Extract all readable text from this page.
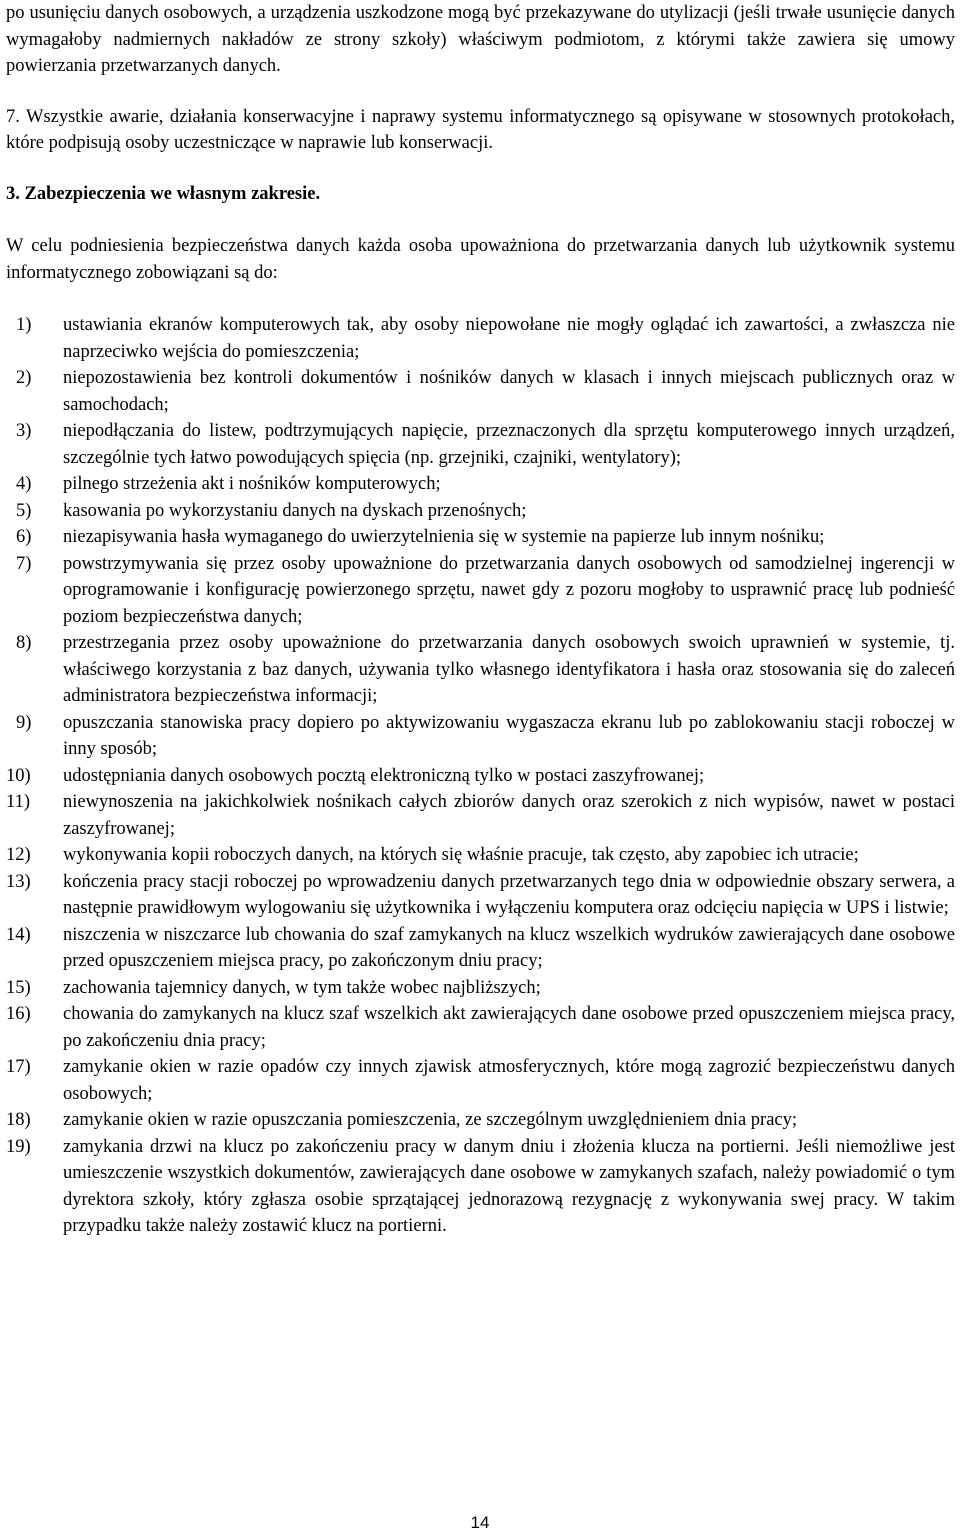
po usunięciu danych osobowych, a urządzenia uszkodzone mogą być przekazywane do utylizacji (jeśli trwałe usunięcie danych wymagałoby nadmiernych nakładów ze strony szkoły) właściwym podmiotom, z którymi także zawiera się umowy powierzania przetwarzanych danych.

7. Wszystkie awarie, działania konserwacyjne i naprawy systemu informatycznego są opisywane w stosownych protokołach, które podpisują osoby uczestniczące w naprawie lub konserwacji.

3. Zabezpieczenia we własnym zakresie.

W celu podniesienia bezpieczeństwa danych każda osoba upoważniona do przetwarzania danych lub użytkownik systemu informatycznego zobowiązani są do:

1) ustawiania ekranów komputerowych tak, aby osoby niepowołane nie mogły oglądać ich zawartości, a zwłaszcza nie naprzeciwko wejścia do pomieszczenia;
2) niepozostawienia bez kontroli dokumentów i nośników danych w klasach i innych miejscach publicznych oraz w samochodach;
3) niepodłączania do listew, podtrzymujących napięcie, przeznaczonych dla sprzętu komputerowego innych urządzeń, szczególnie tych łatwo powodujących spięcia (np. grzejniki, czajniki, wentylatory);
4) pilnego strzeżenia akt i nośników komputerowych;
5) kasowania po wykorzystaniu danych na dyskach przenośnych;
6) niezapisywania hasła wymaganego do uwierzytelnienia się w systemie na papierze lub innym nośniku;
7) powstrzymywania się przez osoby upoważnione do przetwarzania danych osobowych od samodzielnej ingerencji w oprogramowanie i konfigurację powierzonego sprzętu, nawet gdy z pozoru mogłoby to usprawnić pracę lub podnieść poziom bezpieczeństwa danych;
8) przestrzegania przez osoby upoważnione do przetwarzania danych osobowych swoich uprawnień w systemie, tj. właściwego korzystania z baz danych, używania tylko własnego identyfikatora i hasła oraz stosowania się do zaleceń administratora bezpieczeństwa informacji;
9) opuszczania stanowiska pracy dopiero po aktywizowaniu wygaszacza ekranu lub po zablokowaniu stacji roboczej w inny sposób;
10) udostępniania danych osobowych pocztą elektroniczną tylko w postaci zaszyfrowanej;
11) niewynoszenia na jakichkolwiek nośnikach całych zbiorów danych oraz szerokich z nich wypisów, nawet w postaci zaszyfrowanej;
12) wykonywania kopii roboczych danych, na których się właśnie pracuje, tak często, aby zapobiec ich utracie;
13) kończenia pracy stacji roboczej po wprowadzeniu danych przetwarzanych tego dnia w odpowiednie obszary serwera, a następnie prawidłowym wylogowaniu się użytkownika i wyłączeniu komputera oraz odcięciu napięcia w UPS i listwie;
14) niszczenia w niszczarce lub chowania do szaf zamykanych na klucz wszelkich wydruków zawierających dane osobowe przed opuszczeniem miejsca pracy, po zakończonym dniu pracy;
15) zachowania tajemnicy danych, w tym także wobec najbliższych;
16) chowania do zamykanych na klucz szaf wszelkich akt zawierających dane osobowe przed opuszczeniem miejsca pracy, po zakończeniu dnia pracy;
17) zamykanie okien w razie opadów czy innych zjawisk atmosferycznych, które mogą zagrozić bezpieczeństwu danych osobowych;
18) zamykanie okien w razie opuszczania pomieszczenia, ze szczególnym uwzględnieniem dnia pracy;
19) zamykania drzwi na klucz po zakończeniu pracy w danym dniu i złożenia klucza na portierni. Jeśli niemożliwe jest umieszczenie wszystkich dokumentów, zawierających dane osobowe w zamykanych szafach, należy powiadomić o tym dyrektora szkoły, który zgłasza osobie sprzątającej jednorazową rezygnację z wykonywania swej pracy. W takim przypadku także należy zostawić klucz na portierni.
14
